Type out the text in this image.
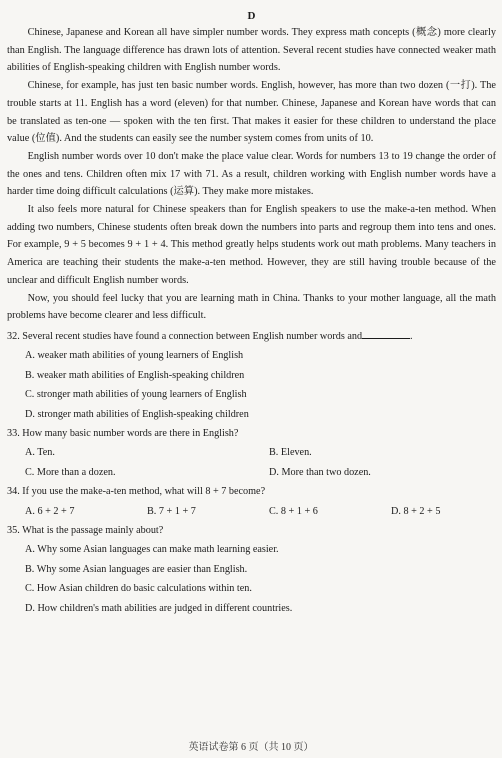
D

Chinese, Japanese and Korean all have simpler number words. They express math concepts (概念) more clearly than English. The language difference has drawn lots of attention. Several recent studies have connected weaker math abilities of English-speaking children with English number words.

Chinese, for example, has just ten basic number words. English, however, has more than two dozen (一打). The trouble starts at 11. English has a word (eleven) for that number. Chinese, Japanese and Korean have words that can be translated as ten-one — spoken with the ten first. That makes it easier for these children to understand the place value (位值). And the students can easily see the number system comes from units of 10.

English number words over 10 don't make the place value clear. Words for numbers 13 to 19 change the order of the ones and tens. Children often mix 17 with 71. As a result, children working with English number words have a harder time doing difficult calculations (运算). They make more mistakes.

It also feels more natural for Chinese speakers than for English speakers to use the make-a-ten method. When adding two numbers, Chinese students often break down the numbers into parts and regroup them into tens and ones. For example, 9 + 5 becomes 9 + 1 + 4. This method greatly helps students work out math problems. Many teachers in America are teaching their students the make-a-ten method. However, they are still having trouble because of the unclear and difficult English number words.

Now, you should feel lucky that you are learning math in China. Thanks to your mother language, all the math problems have become clearer and less difficult.

32. Several recent studies have found a connection between English number words and	.

A. weaker math abilities of young learners of English

B. weaker math abilities of English-speaking children

C. stronger math abilities of young learners of English

D. stronger math abilities of English-speaking children

33. How many basic number words are there in English?

A. Ten.	B. Eleven.
C. More than a dozen.	D. More than two dozen.

34. If you use the make-a-ten method, what will 8 + 7 become?

A. 6 + 2 + 7	B. 7 + 1 + 7	C. 8 + 1 + 6	D. 8 + 2 + 5

35. What is the passage mainly about?

A. Why some Asian languages can make math learning easier.

B. Why some Asian languages are easier than English.

C. How Asian children do basic calculations within ten.

D. How children's math abilities are judged in different countries.

英语试卷第 6 页（共 10 页）
